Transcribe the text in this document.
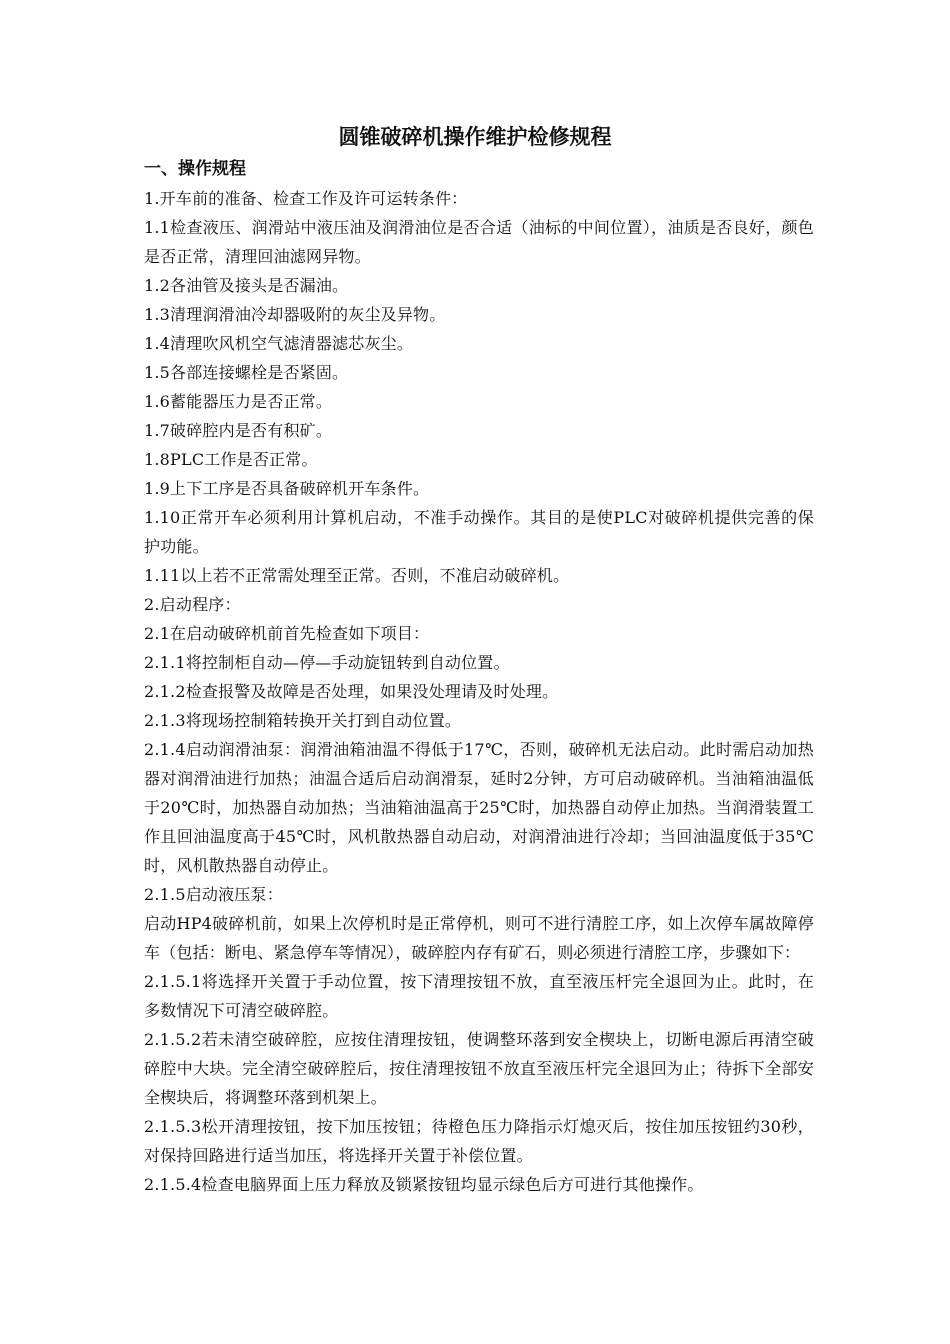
圆锥破碎机操作维护检修规程
一、操作规程
1.开车前的准备、检查工作及许可运转条件：
1.1检查液压、润滑站中液压油及润滑油位是否合适（油标的中间位置），油质是否良好，颜色是否正常，清理回油滤网异物。
1.2各油管及接头是否漏油。
1.3清理润滑油冷却器吸附的灰尘及异物。
1.4清理吹风机空气滤清器滤芯灰尘。
1.5各部连接螺栓是否紧固。
1.6蓄能器压力是否正常。
1.7破碎腔内是否有积矿。
1.8PLC工作是否正常。
1.9上下工序是否具备破碎机开车条件。
1.10正常开车必须利用计算机启动，不准手动操作。其目的是使PLC对破碎机提供完善的保护功能。
1.11以上若不正常需处理至正常。否则，不准启动破碎机。
2.启动程序：
2.1在启动破碎机前首先检查如下项目：
2.1.1将控制柜自动—停—手动旋钮转到自动位置。
2.1.2检查报警及故障是否处理，如果没处理请及时处理。
2.1.3将现场控制箱转换开关打到自动位置。
2.1.4启动润滑油泵：润滑油箱油温不得低于17℃，否则，破碎机无法启动。此时需启动加热器对润滑油进行加热；油温合适后启动润滑泵，延时2分钟，方可启动破碎机。当油箱油温低于20℃时，加热器自动加热；当油箱油温高于25℃时，加热器自动停止加热。当润滑装置工作且回油温度高于45℃时，风机散热器自动启动，对润滑油进行冷却；当回油温度低于35℃时，风机散热器自动停止。
2.1.5启动液压泵：
启动HP4破碎机前，如果上次停机时是正常停机，则可不进行清腔工序，如上次停车属故障停车（包括：断电、紧急停车等情况），破碎腔内存有矿石，则必须进行清腔工序，步骤如下：
2.1.5.1将选择开关置于手动位置，按下清理按钮不放，直至液压杆完全退回为止。此时，在多数情况下可清空破碎腔。
2.1.5.2若未清空破碎腔，应按住清理按钮，使调整环落到安全楔块上，切断电源后再清空破碎腔中大块。完全清空破碎腔后，按住清理按钮不放直至液压杆完全退回为止；待拆下全部安全楔块后，将调整环落到机架上。
2.1.5.3松开清理按钮，按下加压按钮；待橙色压力降指示灯熄灭后，按住加压按钮约30秒，对保持回路进行适当加压，将选择开关置于补偿位置。
2.1.5.4检查电脑界面上压力释放及锁紧按钮均显示绿色后方可进行其他操作。
